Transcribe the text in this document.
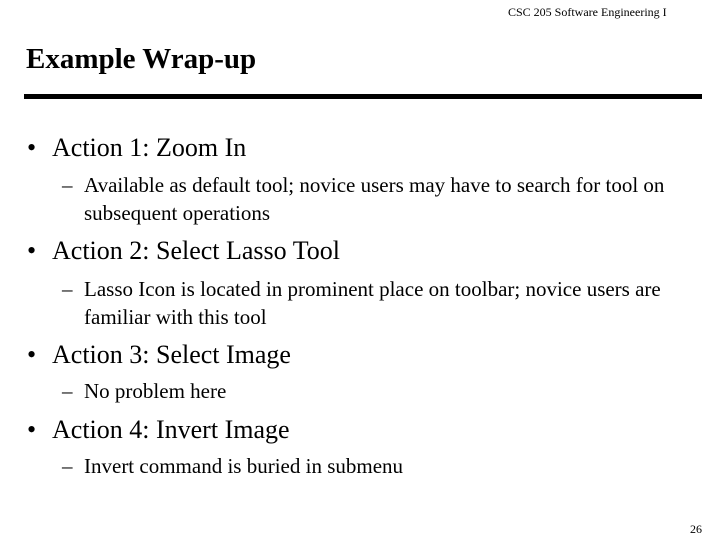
CSC 205 Software Engineering I
Example Wrap-up
• Action 1: Zoom In
– Available as default tool; novice users may have to search for tool on subsequent operations
• Action 2: Select Lasso Tool
– Lasso Icon is located in prominent place on toolbar; novice users are familiar with this tool
• Action 3: Select Image
– No problem here
• Action 4: Invert Image
– Invert command is buried in submenu
26
